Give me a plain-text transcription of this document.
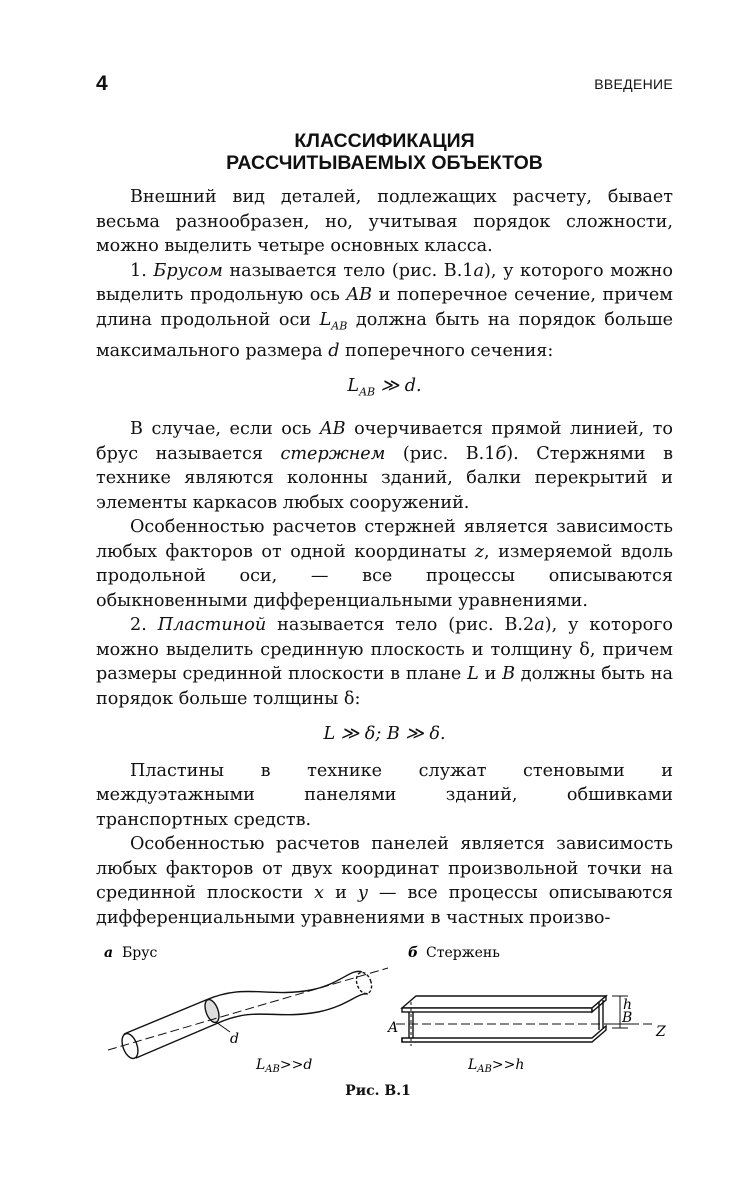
4	ВВЕДЕНИЕ
КЛАССИФИКАЦИЯ
РАССЧИТЫВАЕМЫХ ОБЪЕКТОВ

Внешний вид деталей, подлежащих расчету, бывает весьма разнообразен, но, учитывая порядок сложности, можно выделить четыре основных класса.

1. Брусом называется тело (рис. В.1а), у которого можно выделить продольную ось AB и поперечное сечение, причем длина продольной оси $L_{AB}$ должна быть на порядок больше максимального размера d поперечного сечения:

$L_{AB}$ ≫ d.

В случае, если ось AB очерчивается прямой линией, то брус называется стержнем (рис. В.1б). Стержнями в технике являются колонны зданий, балки перекрытий и элементы каркасов любых сооружений.

Особенностью расчетов стержней является зависимость любых факторов от одной координаты z, измеряемой вдоль продольной оси, — все процессы описываются обыкновенными дифференциальными уравнениями.

2. Пластиной называется тело (рис. В.2а), у которого можно выделить срединную плоскость и толщину δ, причем размеры срединной плоскости в плане L и B должны быть на порядок больше толщины δ:

L ≫ δ; B ≫ δ.

Пластины в технике служат стеновыми и междуэтажными панелями зданий, обшивками транспортных средств.

Особенностью расчетов панелей является зависимость любых факторов от двух координат произвольной точки на срединной плоскости x и y — все процессы описываются дифференциальными уравнениями в частных произво-

а Брус
d
$L_{AB}>>d$
б Стержень
A
B
h
Z
$L_{AB}>>h$
Рис. В.1
